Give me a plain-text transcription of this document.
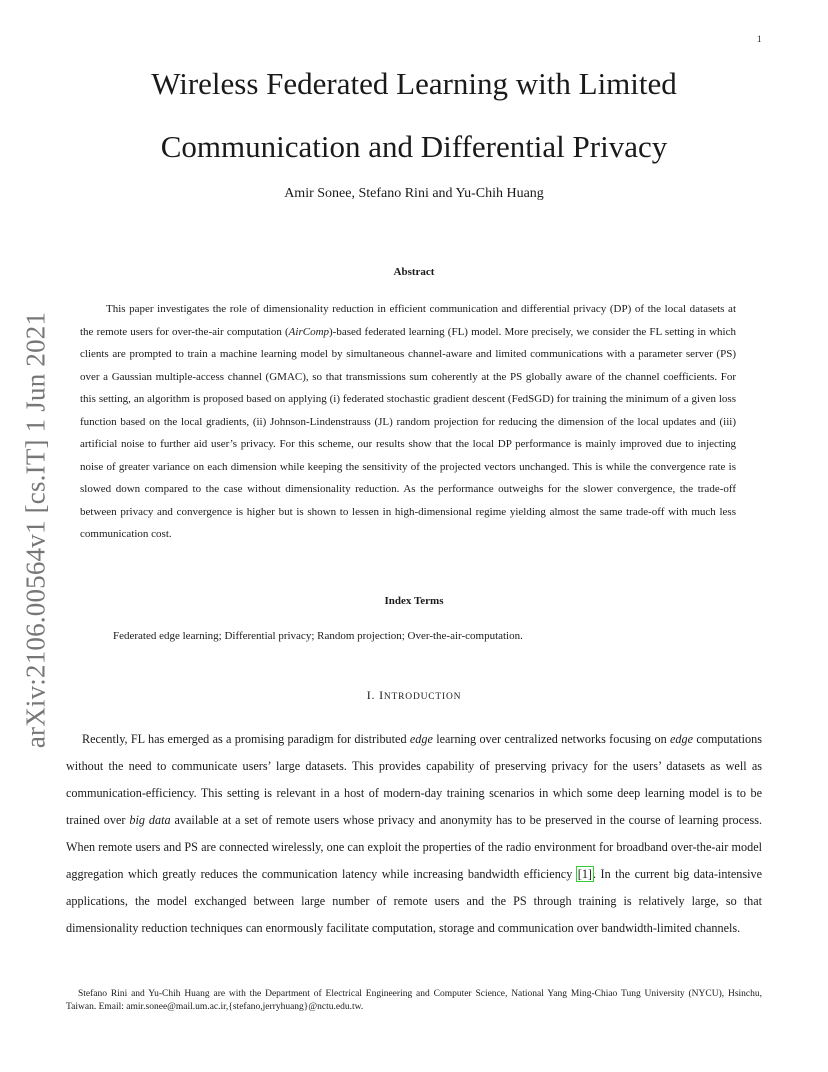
1
arXiv:2106.00564v1 [cs.IT] 1 Jun 2021
Wireless Federated Learning with Limited
Communication and Differential Privacy
Amir Sonee, Stefano Rini and Yu-Chih Huang
Abstract

This paper investigates the role of dimensionality reduction in efficient communication and differential privacy (DP) of the local datasets at the remote users for over-the-air computation (AirComp)-based federated learning (FL) model. More precisely, we consider the FL setting in which clients are prompted to train a machine learning model by simultaneous channel-aware and limited communications with a parameter server (PS) over a Gaussian multiple-access channel (GMAC), so that transmissions sum coherently at the PS globally aware of the channel coefficients. For this setting, an algorithm is proposed based on applying (i) federated stochastic gradient descent (FedSGD) for training the minimum of a given loss function based on the local gradients, (ii) Johnson-Lindenstrauss (JL) random projection for reducing the dimension of the local updates and (iii) artificial noise to further aid user’s privacy. For this scheme, our results show that the local DP performance is mainly improved due to injecting noise of greater variance on each dimension while keeping the sensitivity of the projected vectors unchanged. This is while the convergence rate is slowed down compared to the case without dimensionality reduction. As the performance outweighs for the slower convergence, the trade-off between privacy and convergence is higher but is shown to lessen in high-dimensional regime yielding almost the same trade-off with much less communication cost.

Index Terms
Federated edge learning; Differential privacy; Random projection; Over-the-air-computation.
I. INTRODUCTION

Recently, FL has emerged as a promising paradigm for distributed edge learning over centralized networks focusing on edge computations without the need to communicate users’ large datasets. This provides capability of preserving privacy for the users’ datasets as well as communication-efficiency. This setting is relevant in a host of modern-day training scenarios in which some deep learning model is to be trained over big data available at a set of remote users whose privacy and anonymity has to be preserved in the course of learning process. When remote users and PS are connected wirelessly, one can exploit the properties of the radio environment for broadband over-the-air model aggregation which greatly reduces the communication latency while increasing bandwidth efficiency [1]. In the current big data-intensive applications, the model exchanged between large number of remote users and the PS through training is relatively large, so that dimensionality reduction techniques can enormously facilitate computation, storage and communication over bandwidth-limited channels.

Stefano Rini and Yu-Chih Huang are with the Department of Electrical Engineering and Computer Science, National Yang Ming-Chiao Tung University (NYCU), Hsinchu, Taiwan. Email: amir.sonee@mail.um.ac.ir,{stefano,jerryhuang}@nctu.edu.tw.
